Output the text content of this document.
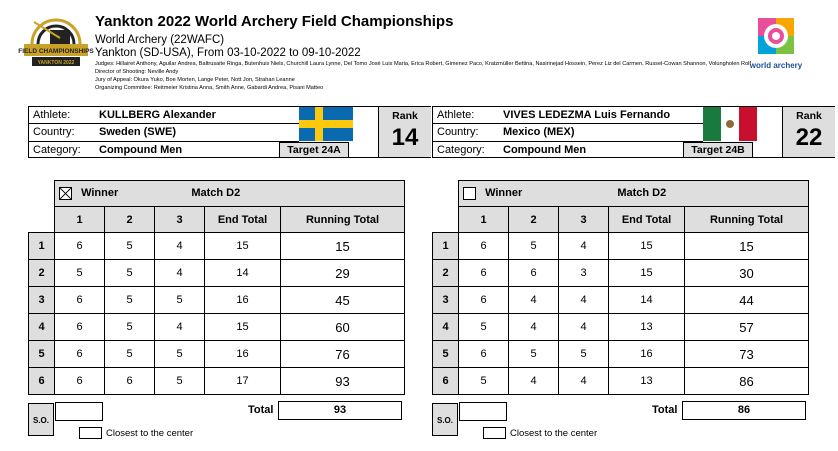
FIELD CHAMPIONSHIPS
YANKTON 2022
Yankton 2022 World Archery Field Championships
World Archery (22WAFC)
Yankton (SD-USA), From 03-10-2022 to 09-10-2022
Judges: Hillairet Anthony, Aguilar Andrea, Baltrusaite Ringa, Butenhuis Niels, Churchill Laura Lynne, Del Tomo José Luis Maria, Erica Robert, Gimenez Paco, Kratzmüller Bettina, Nasirinejad Hossein, Perez Liz del Carmen, Russel-Cowan Shannon, Volungholen Rolf
Director of Shooting: Neville Andy
Jury of Appeal: Okura Yuko, Boe Morten, Lange Peter, Nott Jon, Strahan Leanne
Organizing Committee: Reitmeier Kristina Anna, Smith Anne, Gabardi Andrea, Pisani Matteo
world archery
Athlete:	KULLBERG Alexander
Country: Sweden (SWE)
Category: Compound Men	Target 24A
Rank
14
Athlete:	VIVES LEDEZMA Luis Fernando
Country: Mexico (MEX)
Category: Compound Men	Target 24B
Rank
22
	Winner Match D2				
	1	2	3	End Total	Running Total
1	6	5	4	15	15
2	5	5	4	14	29
3	6	5	5	16	45
4	6	5	4	15	60
5	6	5	5	16	76
6	6	6	5	17	93
S.O.
Total	93
Closest to the center
	Winner Match D2				
	1	2	3	End Total	Running Total
1	6	5	4	15	15
2	6	6	3	15	30
3	6	4	4	14	44
4	5	4	4	13	57
5	6	5	5	16	73
6	5	4	4	13	86
S.O.
Total	86
Closest to the center
